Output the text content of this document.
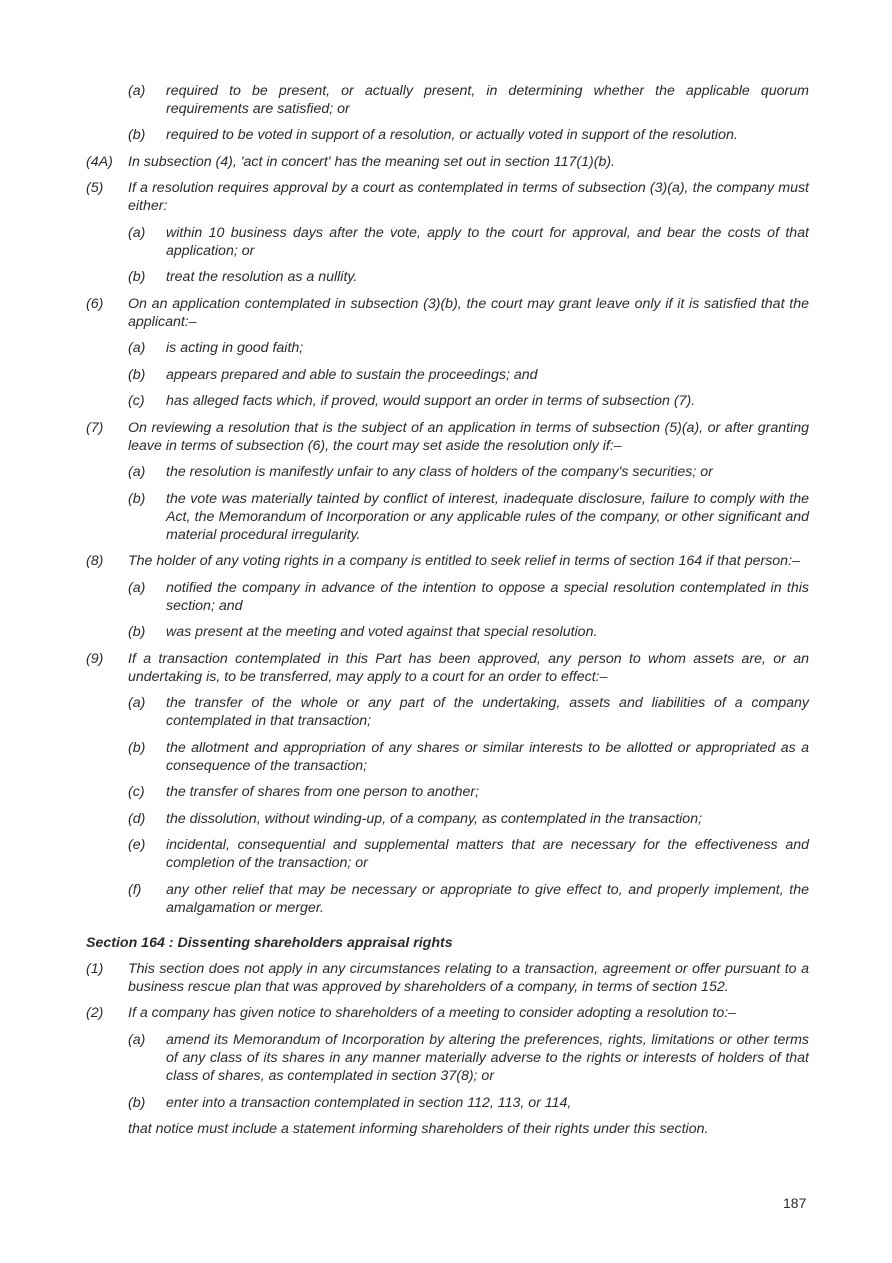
(a) required to be present, or actually present, in determining whether the applicable quorum requirements are satisfied; or
(b) required to be voted in support of a resolution, or actually voted in support of the resolution.
(4A) In subsection (4), 'act in concert' has the meaning set out in section 117(1)(b).
(5) If a resolution requires approval by a court as contemplated in terms of subsection (3)(a), the company must either:
(a) within 10 business days after the vote, apply to the court for approval, and bear the costs of that application; or
(b) treat the resolution as a nullity.
(6) On an application contemplated in subsection (3)(b), the court may grant leave only if it is satisfied that the applicant:–
(a) is acting in good faith;
(b) appears prepared and able to sustain the proceedings; and
(c) has alleged facts which, if proved, would support an order in terms of subsection (7).
(7) On reviewing a resolution that is the subject of an application in terms of subsection (5)(a), or after granting leave in terms of subsection (6), the court may set aside the resolution only if:–
(a) the resolution is manifestly unfair to any class of holders of the company's securities; or
(b) the vote was materially tainted by conflict of interest, inadequate disclosure, failure to comply with the Act, the Memorandum of Incorporation or any applicable rules of the company, or other significant and material procedural irregularity.
(8) The holder of any voting rights in a company is entitled to seek relief in terms of section 164 if that person:–
(a) notified the company in advance of the intention to oppose a special resolution contemplated in this section; and
(b) was present at the meeting and voted against that special resolution.
(9) If a transaction contemplated in this Part has been approved, any person to whom assets are, or an undertaking is, to be transferred, may apply to a court for an order to effect:–
(a) the transfer of the whole or any part of the undertaking, assets and liabilities of a company contemplated in that transaction;
(b) the allotment and appropriation of any shares or similar interests to be allotted or appropriated as a consequence of the transaction;
(c) the transfer of shares from one person to another;
(d) the dissolution, without winding-up, of a company, as contemplated in the transaction;
(e) incidental, consequential and supplemental matters that are necessary for the effectiveness and completion of the transaction; or
(f) any other relief that may be necessary or appropriate to give effect to, and properly implement, the amalgamation or merger.
Section 164 : Dissenting shareholders appraisal rights
(1) This section does not apply in any circumstances relating to a transaction, agreement or offer pursuant to a business rescue plan that was approved by shareholders of a company, in terms of section 152.
(2) If a company has given notice to shareholders of a meeting to consider adopting a resolution to:–
(a) amend its Memorandum of Incorporation by altering the preferences, rights, limitations or other terms of any class of its shares in any manner materially adverse to the rights or interests of holders of that class of shares, as contemplated in section 37(8); or
(b) enter into a transaction contemplated in section 112, 113, or 114,
that notice must include a statement informing shareholders of their rights under this section.
187
